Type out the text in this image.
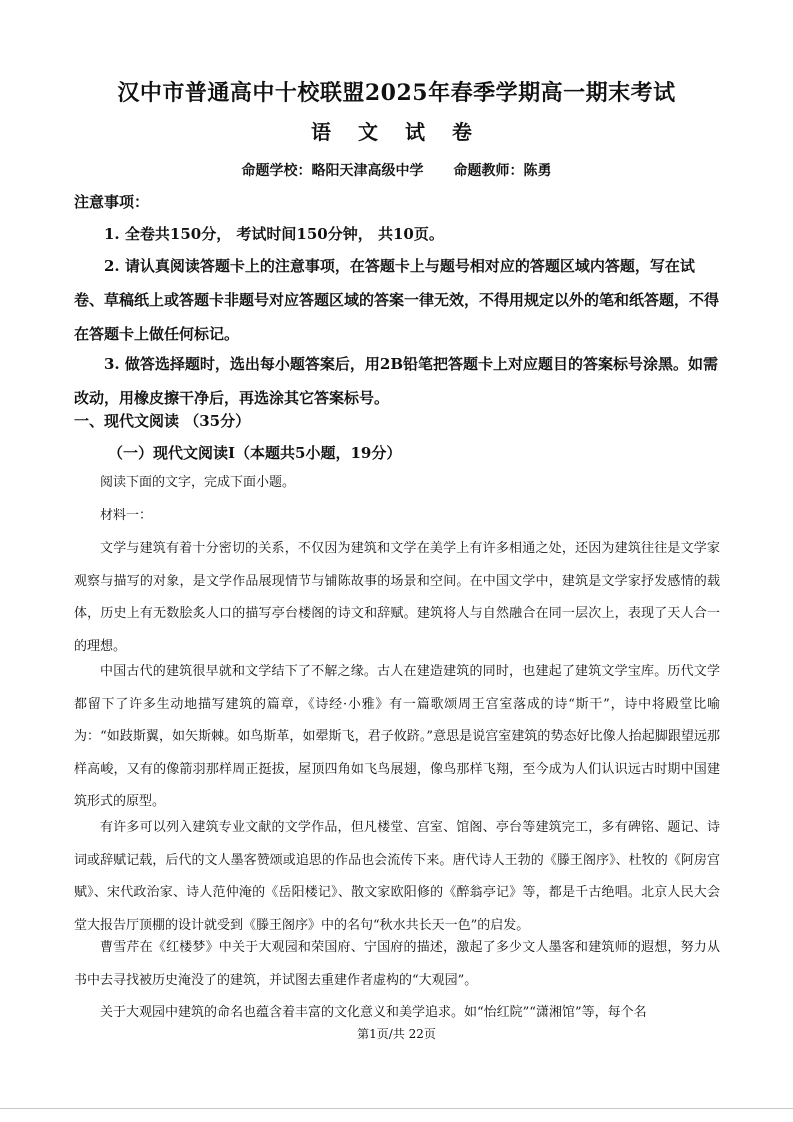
汉中市普通高中十校联盟2025年春季学期高一期末考试
语 文 试 卷
命题学校：略阳天津高级中学 命题教师：陈勇
注意事项：
1. 全卷共150分， 考试时间150分钟， 共10页。
2. 请认真阅读答题卡上的注意事项，在答题卡上与题号相对应的答题区域内答题，写在试卷、草稿纸上或答题卡非题号对应答题区域的答案一律无效，不得用规定以外的笔和纸答题，不得在答题卡上做任何标记。
3. 做答选择题时，选出每小题答案后，用2B铅笔把答题卡上对应题目的答案标号涂黑。如需改动，用橡皮擦干净后，再选涂其它答案标号。
一、现代文阅读 （35分）
（一）现代文阅读Ⅰ（本题共5小题，19分）
阅读下面的文字，完成下面小题。
材料一：
文学与建筑有着十分密切的关系，不仅因为建筑和文学在美学上有许多相通之处，还因为建筑往往是文学家观察与描写的对象，是文学作品展现情节与铺陈故事的场景和空间。在中国文学中，建筑是文学家抒发感情的载体，历史上有无数脍炙人口的描写亭台楼阁的诗文和辞赋。建筑将人与自然融合在同一层次上，表现了天人合一的理想。
中国古代的建筑很早就和文学结下了不解之缘。古人在建造建筑的同时，也建起了建筑文学宝库。历代文学都留下了许多生动地描写建筑的篇章，《诗经·小雅》有一篇歌颂周王宫室落成的诗“斯干”，诗中将殿堂比喻为：“如跂斯翼，如矢斯棘。如鸟斯革，如翚斯飞，君子攸跻。”意思是说宫室建筑的势态好比像人抬起脚跟望远那样高峻，又有的像箭羽那样周正挺拔，屋顶四角如飞鸟展翅，像鸟那样飞翔，至今成为人们认识远古时期中国建筑形式的原型。
有许多可以列入建筑专业文献的文学作品，但凡楼堂、宫室、馆阁、亭台等建筑完工，多有碑铭、题记、诗词或辞赋记载，后代的文人墨客赞颂或追思的作品也会流传下来。唐代诗人王勃的《滕王阁序》、杜牧的《阿房宫赋》、宋代政治家、诗人范仲淹的《岳阳楼记》、散文家欧阳修的《醉翁亭记》等，都是千古绝唱。北京人民大会堂大报告厅顶棚的设计就受到《滕王阁序》中的名句“秋水共长天一色”的启发。
曹雪芹在《红楼梦》中关于大观园和荣国府、宁国府的描述，激起了多少文人墨客和建筑师的遐想，努力从书中去寻找被历史淹没了的建筑，并试图去重建作者虚构的“大观园”。
关于大观园中建筑的命名也蕴含着丰富的文化意义和美学追求。如“怡红院”“潇湘馆”等，每个名
第1页/共 22页
